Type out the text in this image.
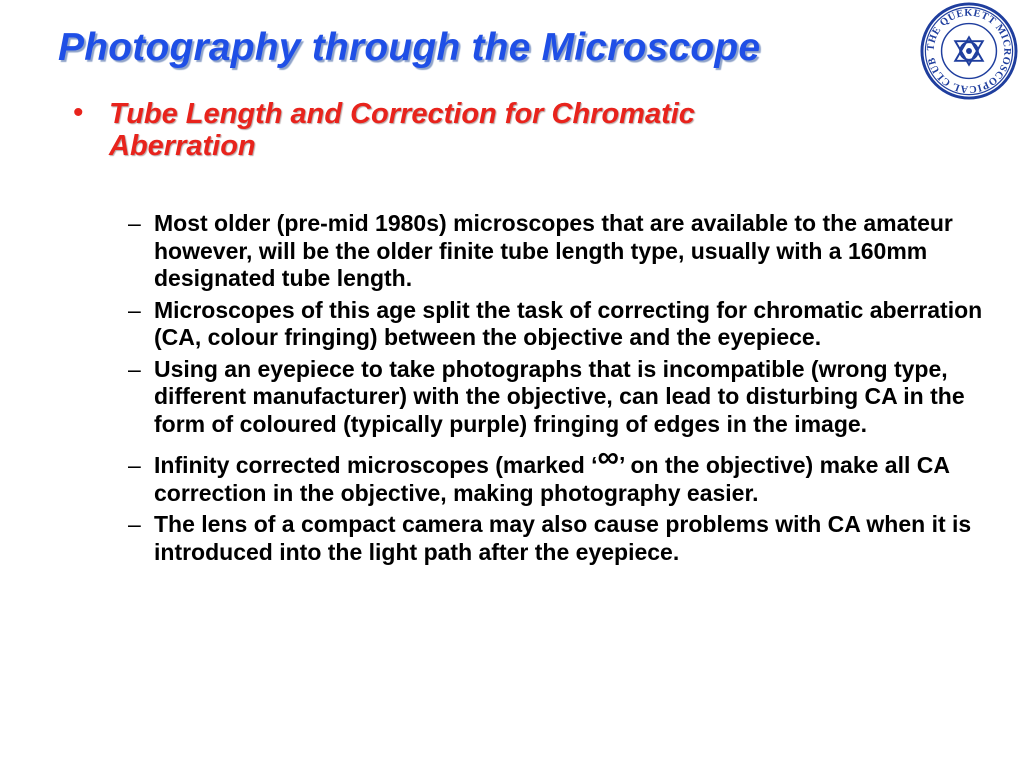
Photography through the Microscope	THE QUEKETT MICROSCOPICAL CLUB
• Tube Length and Correction for Chromatic Aberration
– Most older (pre-mid 1980s) microscopes that are available to the amateur however, will be the older finite tube length type, usually with a 160mm designated tube length.
– Microscopes of this age split the task of correcting for chromatic aberration (CA, colour fringing) between the objective and the eyepiece.
– Using an eyepiece to take photographs that is incompatible (wrong type, different manufacturer) with the objective, can lead to disturbing CA in the form of coloured (typically purple) fringing of edges in the image.
– Infinity corrected microscopes (marked ‘∞’ on the objective) make all CA correction in the objective, making photography easier.
– The lens of a compact camera may also cause problems with CA when it is introduced into the light path after the eyepiece.
